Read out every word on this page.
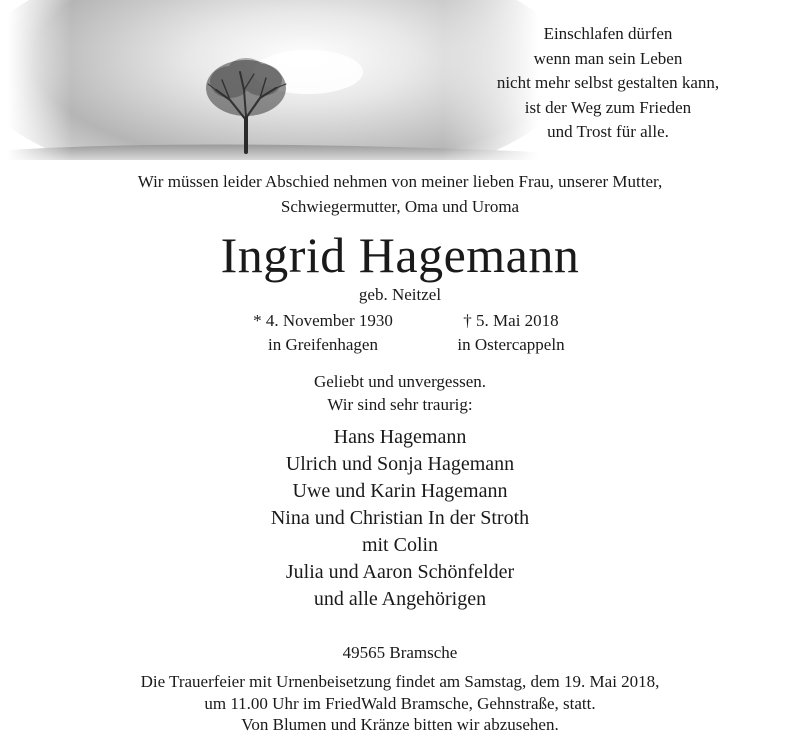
Einschlafen dürfen
wenn man sein Leben
nicht mehr selbst gestalten kann,
ist der Weg zum Frieden
und Trost für alle.
Wir müssen leider Abschied nehmen von meiner lieben Frau, unserer Mutter,
Schwiegermutter, Oma und Uroma
Ingrid Hagemann
geb. Neitzel
* 4. November 1930
in Greifenhagen
† 5. Mai 2018
in Ostercappeln
Geliebt und unvergessen.
Wir sind sehr traurig:
Hans Hagemann
Ulrich und Sonja Hagemann
Uwe und Karin Hagemann
Nina und Christian In der Stroth
mit Colin
Julia und Aaron Schönfelder
und alle Angehörigen
49565 Bramsche
Die Trauerfeier mit Urnenbeisetzung findet am Samstag, dem 19. Mai 2018,
um 11.00 Uhr im FriedWald Bramsche, Gehnstraße, statt.
Von Blumen und Kränze bitten wir abzusehen.
